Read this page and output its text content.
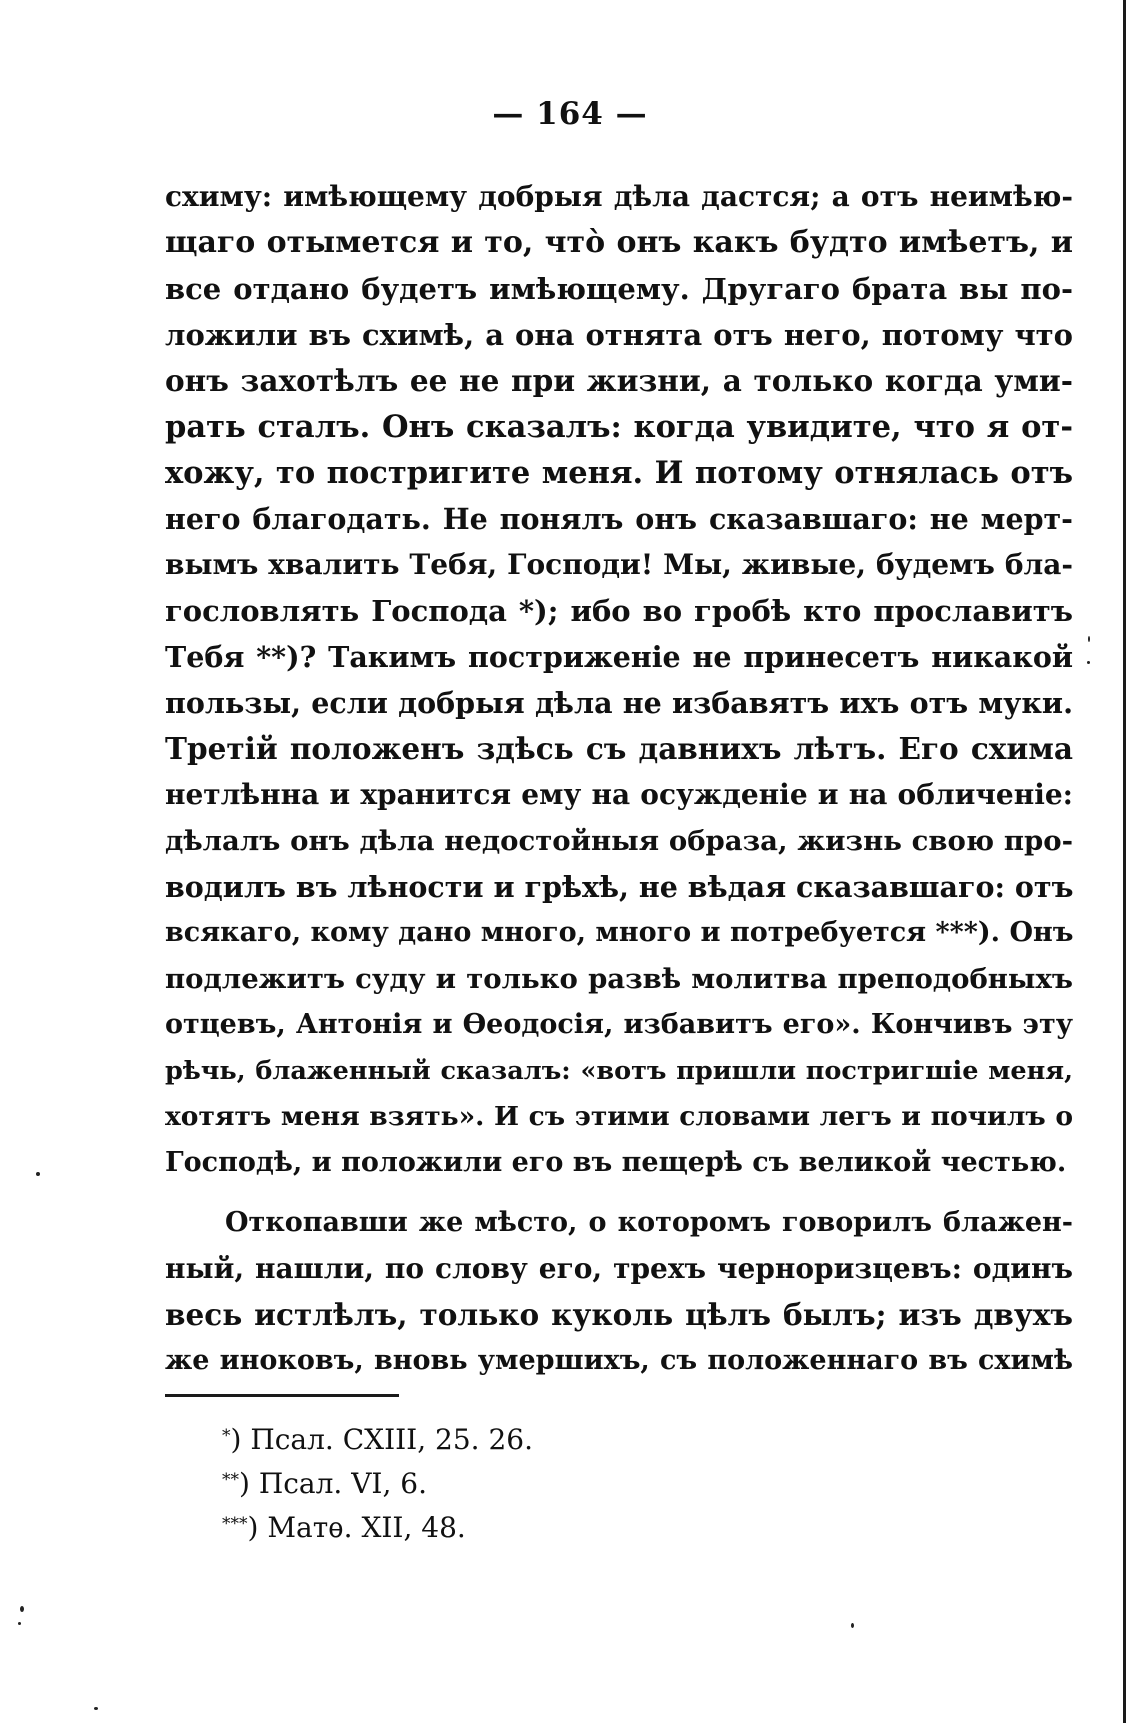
— 164 —
схиму: имѣющему добрыя дѣла дастся; а отъ неимѣю-
щаго отымется и то, что̀ онъ какъ будто имѣетъ, и
все отдано будетъ имѣющему. Другаго брата вы по-
ложили въ схимѣ, а она отнята отъ него, потому что
онъ захотѣлъ ее не при жизни, а только когда уми-
рать сталъ. Онъ сказалъ: когда увидите, что я от-
хожу, то постригите меня. И потому отнялась отъ
него благодать. Не понялъ онъ сказавшаго: не мерт-
вымъ хвалить Тебя, Господи! Мы, живые, будемъ бла-
гословлять Господа *); ибо во гробѣ кто прославитъ
Тебя **)? Такимъ постриженіе не принесетъ никакой
пользы, если добрыя дѣла не избавятъ ихъ отъ муки.
Третій положенъ здѣсь съ давнихъ лѣтъ. Его схима
нетлѣнна и хранится ему на осужденіе и на обличеніе:
дѣлалъ онъ дѣла недостойныя образа, жизнь свою про-
водилъ въ лѣности и грѣхѣ, не вѣдая сказавшаго: отъ
всякаго, кому дано много, много и потребуется ***). Онъ
подлежитъ суду и только развѣ молитва преподобныхъ
отцевъ, Антонія и Ѳеодосія, избавитъ его». Кончивъ эту
рѣчь, блаженный сказалъ: «вотъ пришли постригшіе меня,
хотятъ меня взять». И съ этими словами легъ и почилъ о
Господѣ, и положили его въ пещерѣ съ великой честью.
Откопавши же мѣсто, о которомъ говорилъ блажен-
ный, нашли, по слову его, трехъ черноризцевъ: одинъ
весь истлѣлъ, только куколь цѣлъ былъ; изъ двухъ
же иноковъ, вновь умершихъ, съ положеннаго въ схимѣ
*) Псал. CXIII, 25. 26.
**) Псал. VI, 6.
***) Матѳ. XII, 48.
